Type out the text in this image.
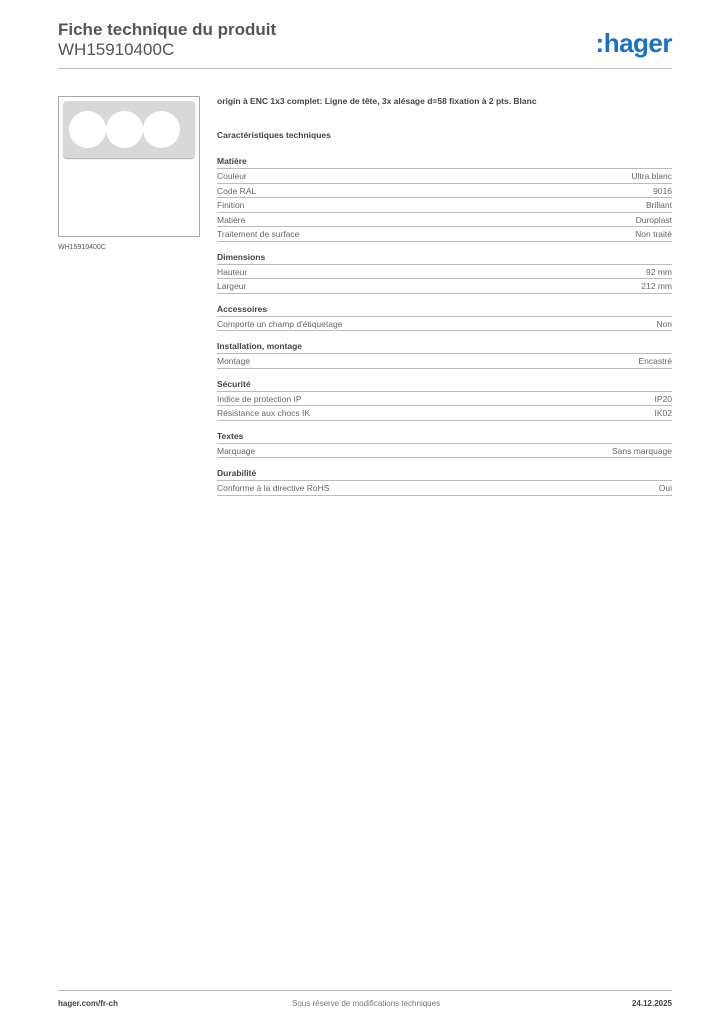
Fiche technique du produit
WH15910400C	:hager
WH15910400C
origin à ENC 1x3 complet: Ligne de tête, 3x alésage d=58 fixation à 2 pts. Blanc
Caractéristiques techniques
Matière
Couleur	Ultra blanc
Code RAL	9016
Finition	Brillant
Matière	Duroplast
Traitement de surface	Non traité
Dimensions
Hauteur	92 mm
Largeur	212 mm
Accessoires
Comporte un champ d'étiquetage	Non
Installation, montage
Montage	Encastré
Sécurité
Indice de protection IP	IP20
Résistance aux chocs IK	IK02
Textes
Marquage	Sans marquage
Durabilité
Conforme à la directive RoHS	Oui
hager.com/fr-ch	Sous réserve de modifications techniques	24.12.2025
